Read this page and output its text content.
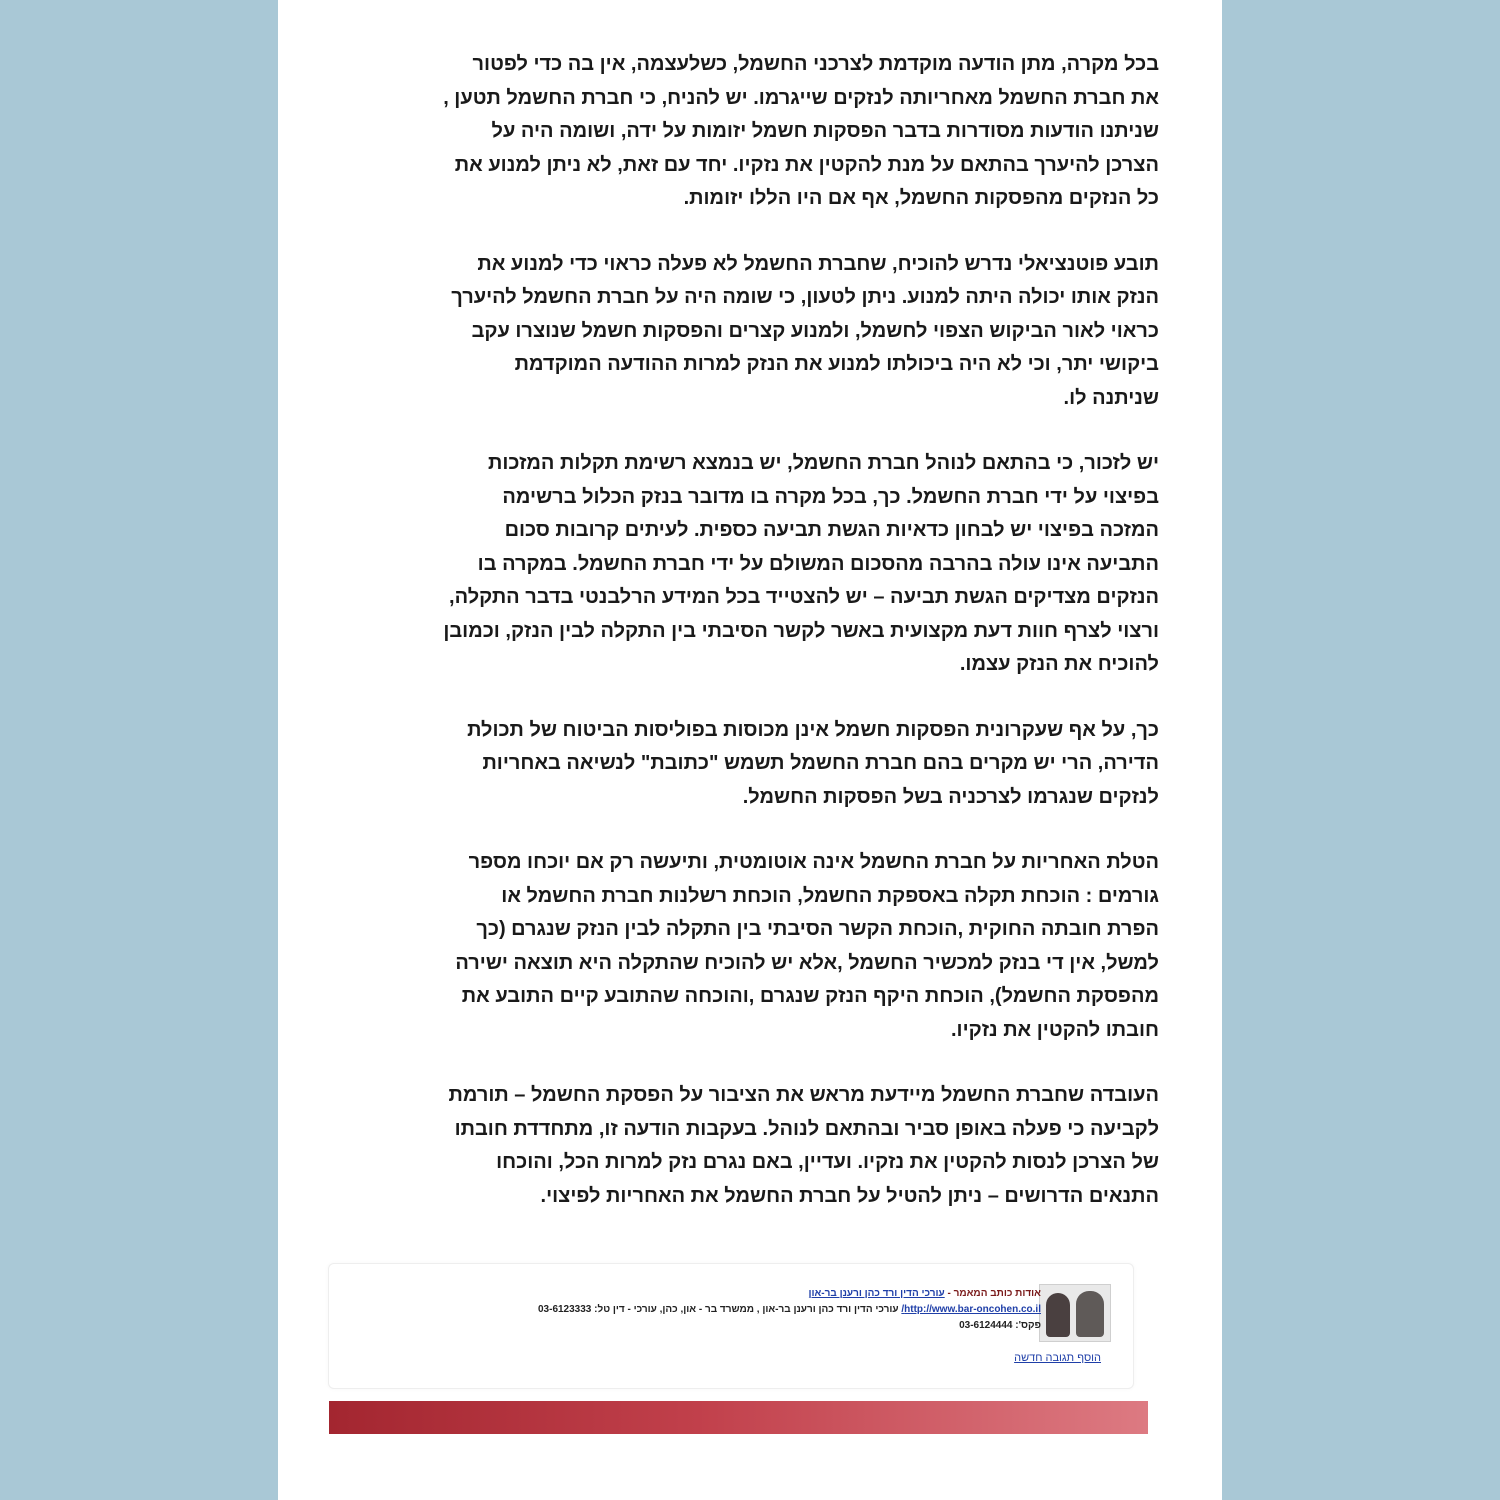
בכל מקרה, מתן הודעה מוקדמת לצרכני החשמל, כשלעצמה, אין בה כדי לפטור
את חברת החשמל מאחריותה לנזקים שייגרמו. יש להניח, כי חברת החשמל תטען ,
שניתנו הודעות מסודרות בדבר הפסקות חשמל יזומות על ידה, ושומה היה על
הצרכן להיערך בהתאם על מנת להקטין את נזקיו. יחד עם זאת, לא ניתן למנוע את
כל הנזקים מהפסקות החשמל, אף אם היו הללו יזומות.

תובע פוטנציאלי נדרש להוכיח, שחברת החשמל לא פעלה כראוי כדי למנוע את
הנזק אותו יכולה היתה למנוע. ניתן לטעון, כי שומה היה על חברת החשמל להיערך
כראוי לאור הביקוש הצפוי לחשמל, ולמנוע קצרים והפסקות חשמל שנוצרו עקב
ביקושי יתר, וכי לא היה ביכולתו למנוע את הנזק למרות ההודעה המוקדמת
שניתנה לו.

יש לזכור, כי בהתאם לנוהל חברת החשמל, יש בנמצא רשימת תקלות המזכות
בפיצוי על ידי חברת החשמל. כך, בכל מקרה בו מדובר בנזק הכלול ברשימה
המזכה בפיצוי יש לבחון כדאיות הגשת תביעה כספית. לעיתים קרובות סכום
התביעה אינו עולה בהרבה מהסכום המשולם על ידי חברת החשמל. במקרה בו
הנזקים מצדיקים הגשת תביעה – יש להצטייד בכל המידע הרלבנטי בדבר התקלה,
ורצוי לצרף חוות דעת מקצועית באשר לקשר הסיבתי בין התקלה לבין הנזק, וכמובן
להוכיח את הנזק עצמו.

כך, על אף שעקרונית הפסקות חשמל אינן מכוסות בפוליסות הביטוח של תכולת
הדירה, הרי יש מקרים בהם חברת החשמל תשמש "כתובת" לנשיאה באחריות
לנזקים שנגרמו לצרכניה בשל הפסקות החשמל.

הטלת האחריות על חברת החשמל אינה אוטומטית, ותיעשה רק אם יוכחו מספר
גורמים : הוכחת תקלה באספקת החשמל, הוכחת רשלנות חברת החשמל או
הפרת חובתה החוקית ,הוכחת הקשר הסיבתי בין התקלה לבין הנזק שנגרם (כך
למשל, אין די בנזק למכשיר החשמל ,אלא יש להוכיח שהתקלה היא תוצאה ישירה
מהפסקת החשמל), הוכחת היקף הנזק שנגרם ,והוכחה שהתובע קיים התובע את
חובתו להקטין את נזקיו.

העובדה שחברת החשמל מיידעת מראש את הציבור על הפסקת החשמל – תורמת
לקביעה כי פעלה באופן סביר ובהתאם לנוהל. בעקבות הודעה זו, מתחדדת חובתו
של הצרכן לנסות להקטין את נזקיו. ועדיין, באם נגרם נזק למרות הכל, והוכחו
התנאים הדרושים – ניתן להטיל על חברת החשמל את האחריות לפיצוי.

אודות כותב המאמר - עורכי הדין ורד כהן ורענן בר-און
http://www.bar-oncohen.co.il/ עורכי הדין ורד כהן ורענן בר-און , ממשרד בר - און, כהן, עורכי - דין טל: 03-6123333
פקס': 03-6124444
הוסף תגובה חדשה
